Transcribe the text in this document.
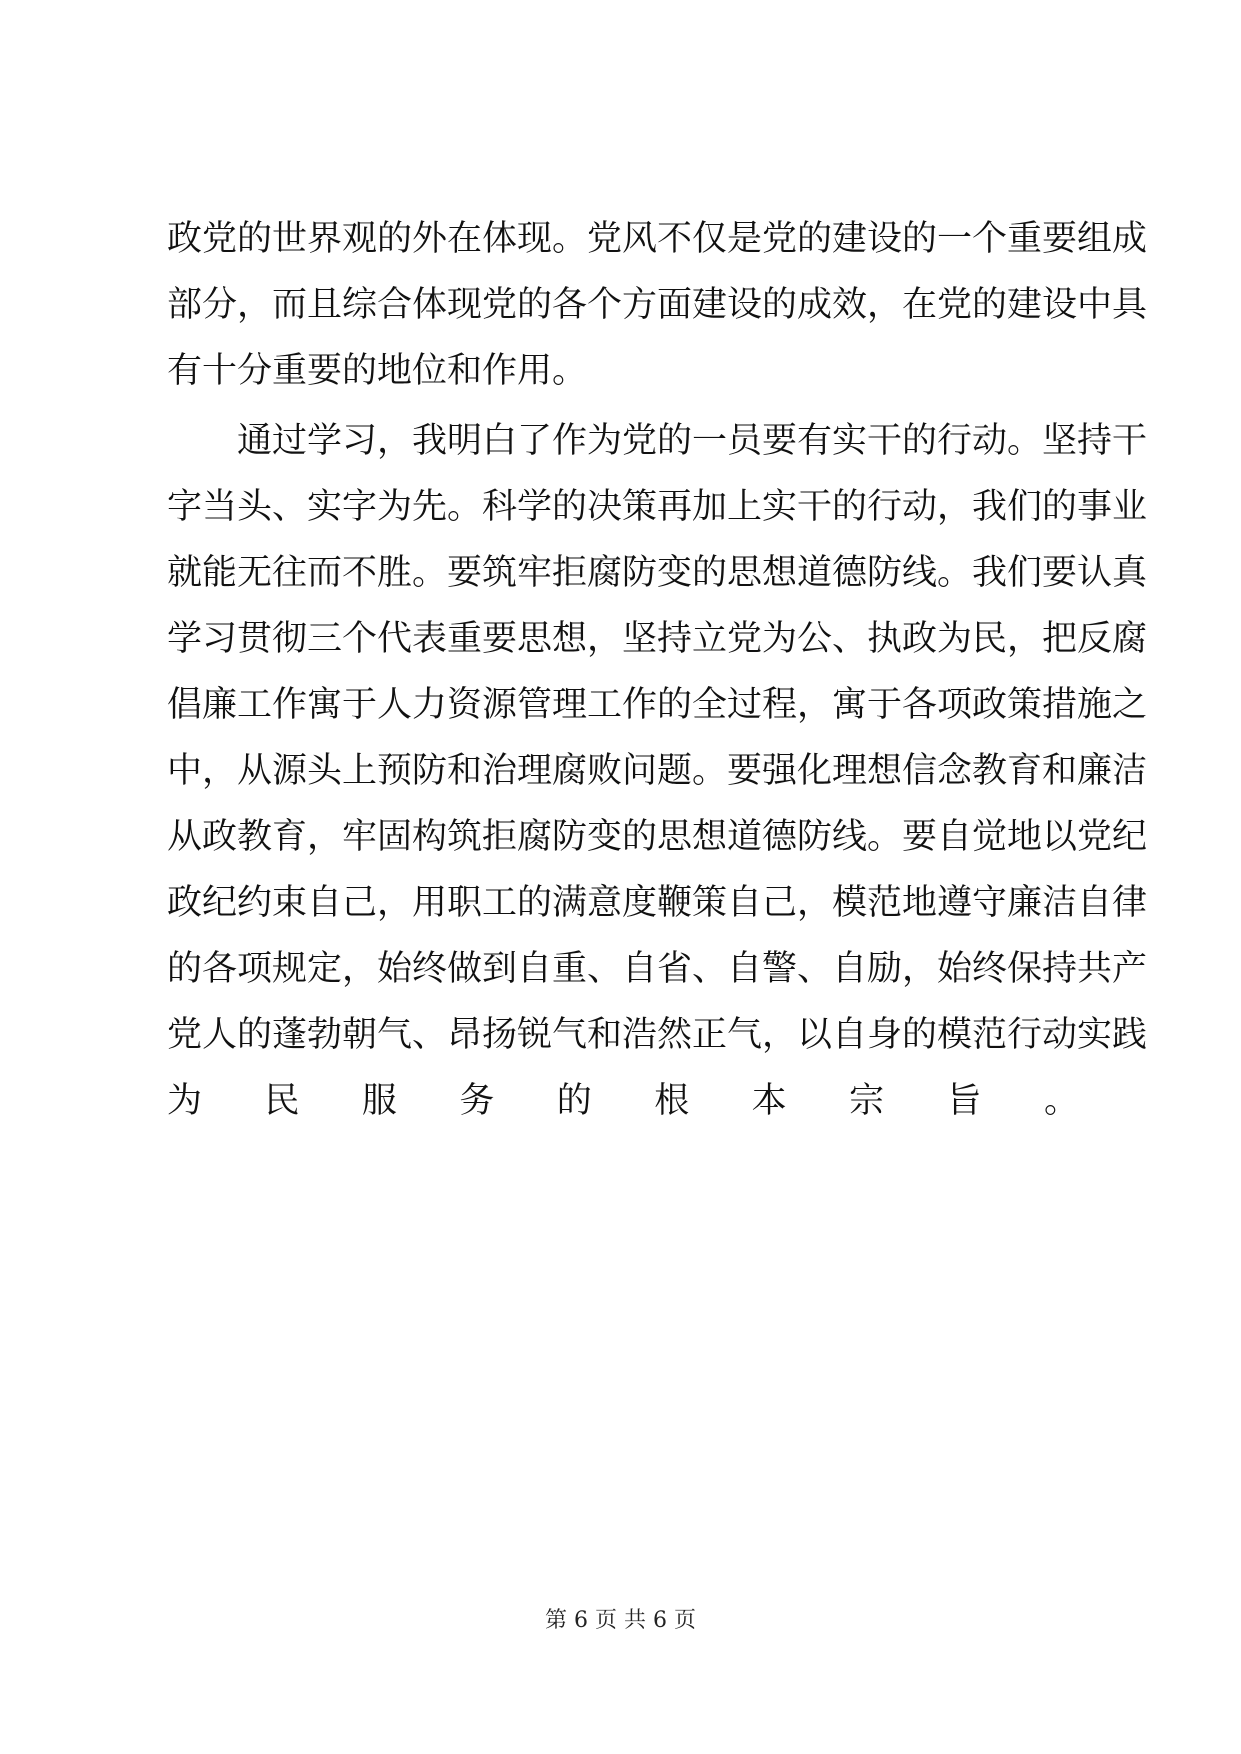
政党的世界观的外在体现。党风不仅是党的建设的一个重要组成
部分，而且综合体现党的各个方面建设的成效，在党的建设中具
有十分重要的地位和作用。
通过学习，我明白了作为党的一员要有实干的行动。坚持干
字当头、实字为先。科学的决策再加上实干的行动，我们的事业
就能无往而不胜。要筑牢拒腐防变的思想道德防线。我们要认真
学习贯彻三个代表重要思想，坚持立党为公、执政为民，把反腐
倡廉工作寓于人力资源管理工作的全过程，寓于各项政策措施之
中，从源头上预防和治理腐败问题。要强化理想信念教育和廉洁
从政教育，牢固构筑拒腐防变的思想道德防线。要自觉地以党纪
政纪约束自己，用职工的满意度鞭策自己，模范地遵守廉洁自律
的各项规定，始终做到自重、自省、自警、自励，始终保持共产
党人的蓬勃朝气、昂扬锐气和浩然正气，以自身的模范行动实践
为民服务的根本宗旨。
第 6 页 共 6 页
